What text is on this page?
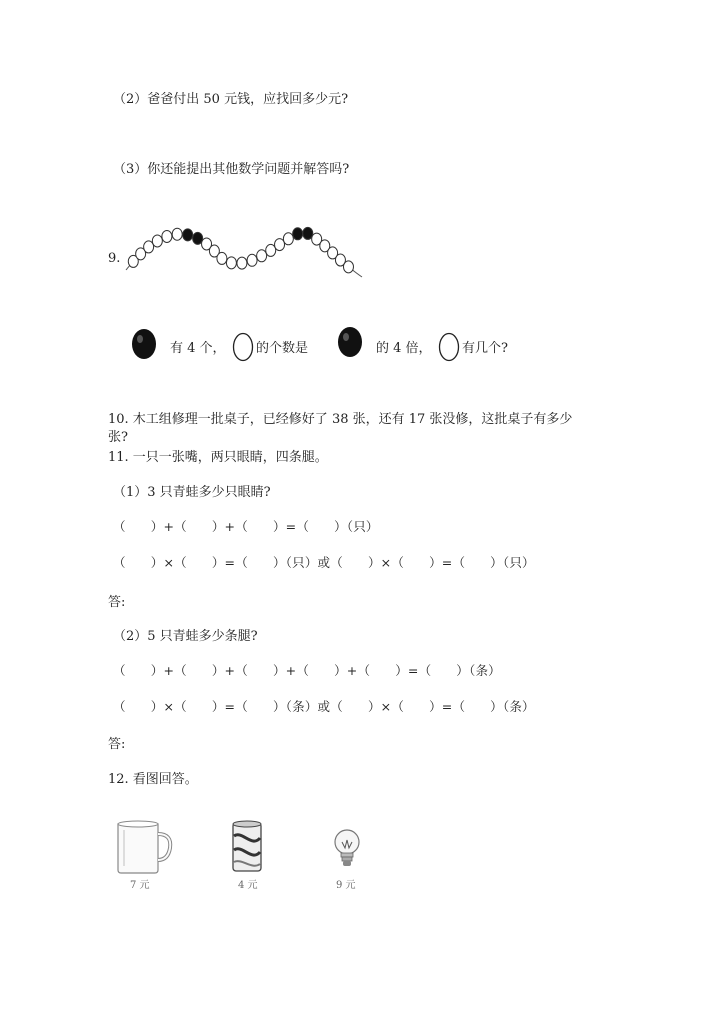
（2）爸爸付出 50 元钱，应找回多少元?
（3）你还能提出其他数学问题并解答吗?
9.
有 4 个， 的个数是	的 4 倍， 有几个?
10. 木工组修理一批桌子，已经修好了 38 张，还有 17 张没修，这批桌子有多少
张?
11. 一只一张嘴，两只眼睛，四条腿。
（1）3 只青蛙多少只眼睛?
（      ）+（      ）+（      ）=（      ）（只）
（      ）×（      ）=（      ）（只）或（      ）×（      ）=（      ）（只）
答:
（2）5 只青蛙多少条腿?
（      ）+（      ）+（      ）+（      ）+（      ）=（      ）（条）
（      ）×（      ）=（      ）（条）或（      ）×（      ）=（      ）（条）
答:
12. 看图回答。
7 元	4 元	9 元
